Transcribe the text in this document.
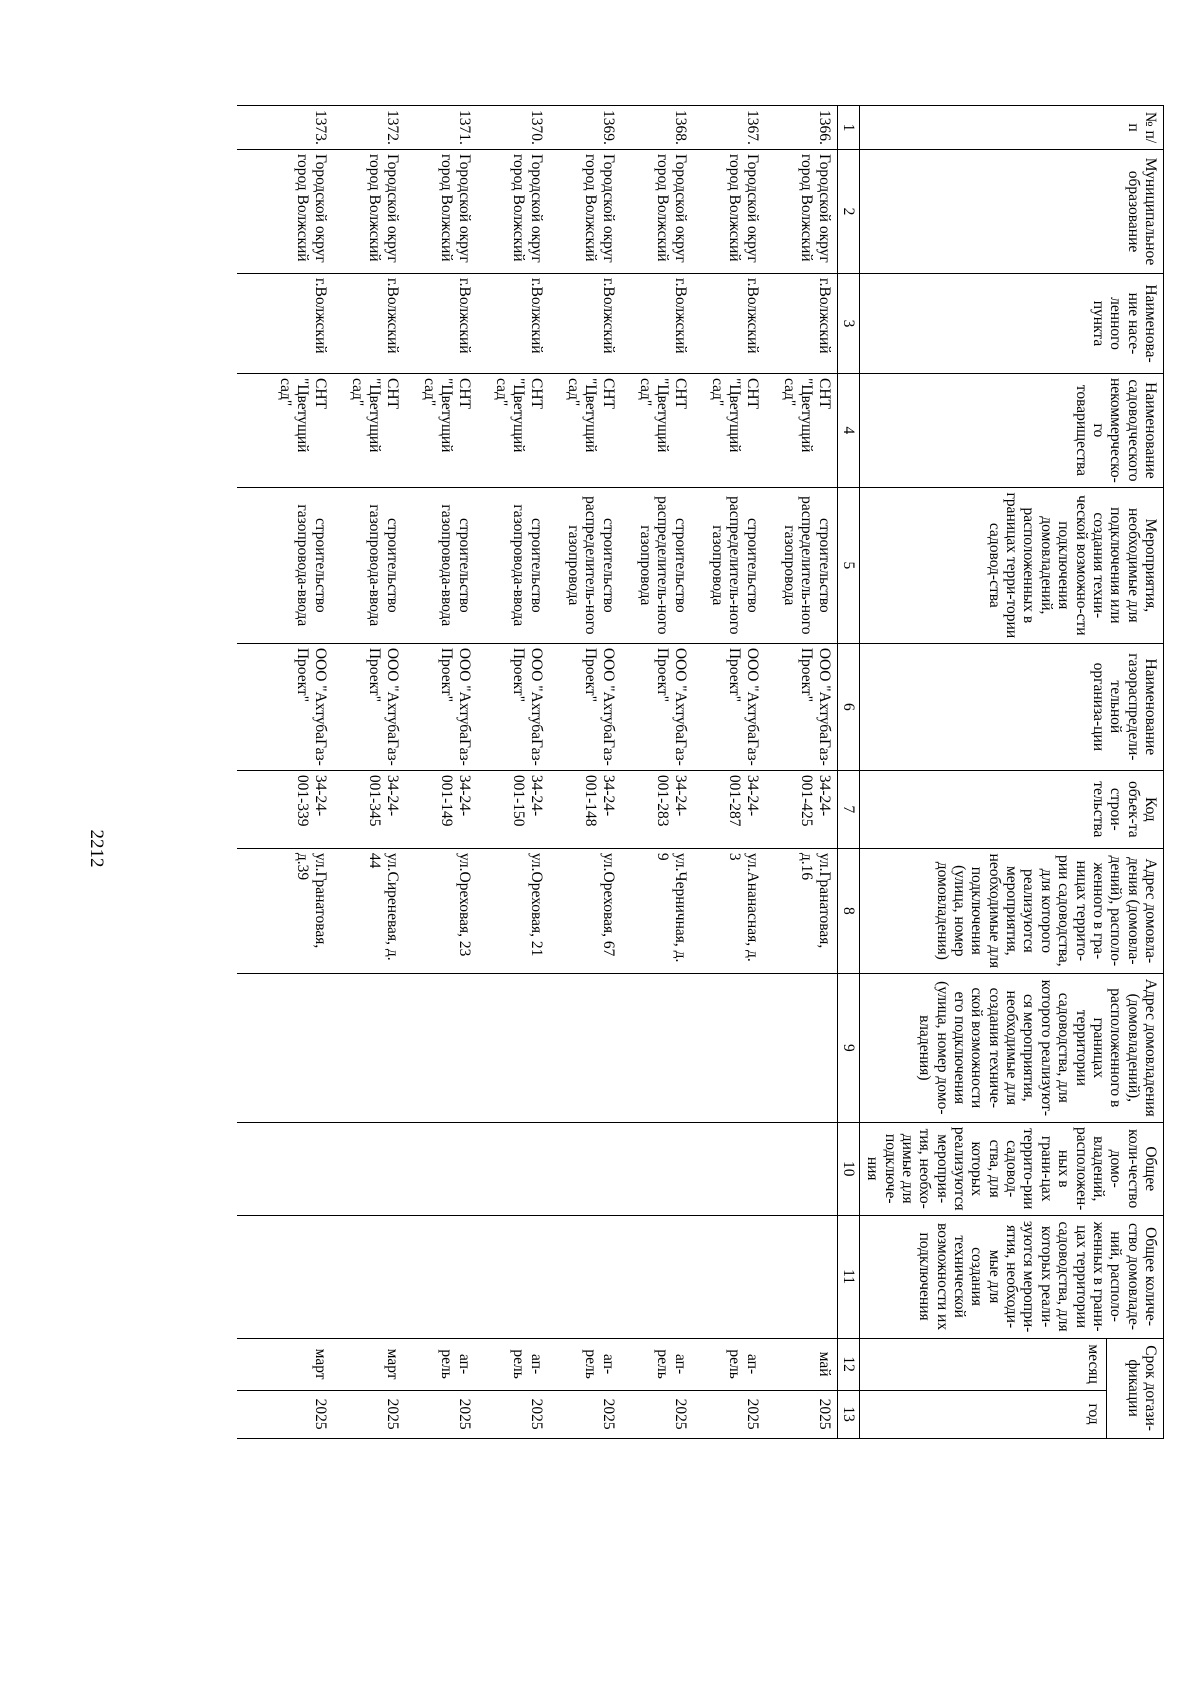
№ п/п	Муниципальное образование	Наименова-ние насе-ленного пункта	Наименование садоводческого некоммерческо-го товарищества	Мероприятия, необходимые для подключения или создания техни-ческой возможно-сти подключения домовладений, расположенных в границах терри-тории садовод-ства	Наименование газораспредели-тельной организа-ции	Код объек-та строи-тельства	Адрес домовла-дения (домовла-дений), располо-женного в гра-ницах террито-рии садоводства, для которого реализуются мероприятия, необходимые для подключения (улица, номер домовладения)	Адрес домовладения (домовладений), расположенного в границах территории садоводства, для которого реализуют-ся мероприятия, необходимые для создания техниче-ской возможности его подключения (улица, номер домо-владения)	Общее коли-чество домо-владений, расположен-ных в грани-цах террито-рии садовод-ства, для которых реализуются мероприя-тия, необхо-димые для подключе-ния	Общее количе-ство домовладе-ний, располо-женных в грани-цах территории садоводства, для которых реали-зуются меропри-ятия, необходи-мые для создания технической возможности их подключения	Срок догази-фикации	
											месяц	год
1	2	3	4	5	6	7	8	9	10	11	12	13
1366.	Городской округ город Волжский	г.Волжский	СНТ "Цветущий сад"	строительство распределитель-ного газопровода	ООО "АхтубаГаз-Проект"	34-24-001-425	ул.Гранатовая, д.16				май	2025
1367.	Городской округ город Волжский	г.Волжский	СНТ "Цветущий сад"	строительство распределитель-ного газопровода	ООО "АхтубаГаз-Проект"	34-24-001-287	ул.Ананасная, д. 3				ап-рель	2025
1368.	Городской округ город Волжский	г.Волжский	СНТ "Цветущий сад"	строительство распределитель-ного газопровода	ООО "АхтубаГаз-Проект"	34-24-001-283	ул.Черничная, д. 9				ап-рель	2025
1369.	Городской округ город Волжский	г.Волжский	СНТ "Цветущий сад"	строительство распределитель-ного газопровода	ООО "АхтубаГаз-Проект"	34-24-001-148	ул.Ореховая, 67				ап-рель	2025
1370.	Городской округ город Волжский	г.Волжский	СНТ "Цветущий сад"	строительство газопровода-ввода	ООО "АхтубаГаз-Проект"	34-24-001-150	ул.Ореховая, 21				ап-рель	2025
1371.	Городской округ город Волжский	г.Волжский	СНТ "Цветущий сад"	строительство газопровода-ввода	ООО "АхтубаГаз-Проект"	34-24-001-149	ул.Ореховая, 23				ап-рель	2025
1372.	Городской округ город Волжский	г.Волжский	СНТ "Цветущий сад"	строительство газопровода-ввода	ООО "АхтубаГаз-Проект"	34-24-001-345	ул.Сиреневая, д. 44				март	2025
1373.	Городской округ город Волжский	г.Волжский	СНТ "Цветущий сад"	строительство газопровода-ввода	ООО "АхтубаГаз-Проект"	34-24-001-339	ул.Гранатовая, д.39				март	2025
2212
